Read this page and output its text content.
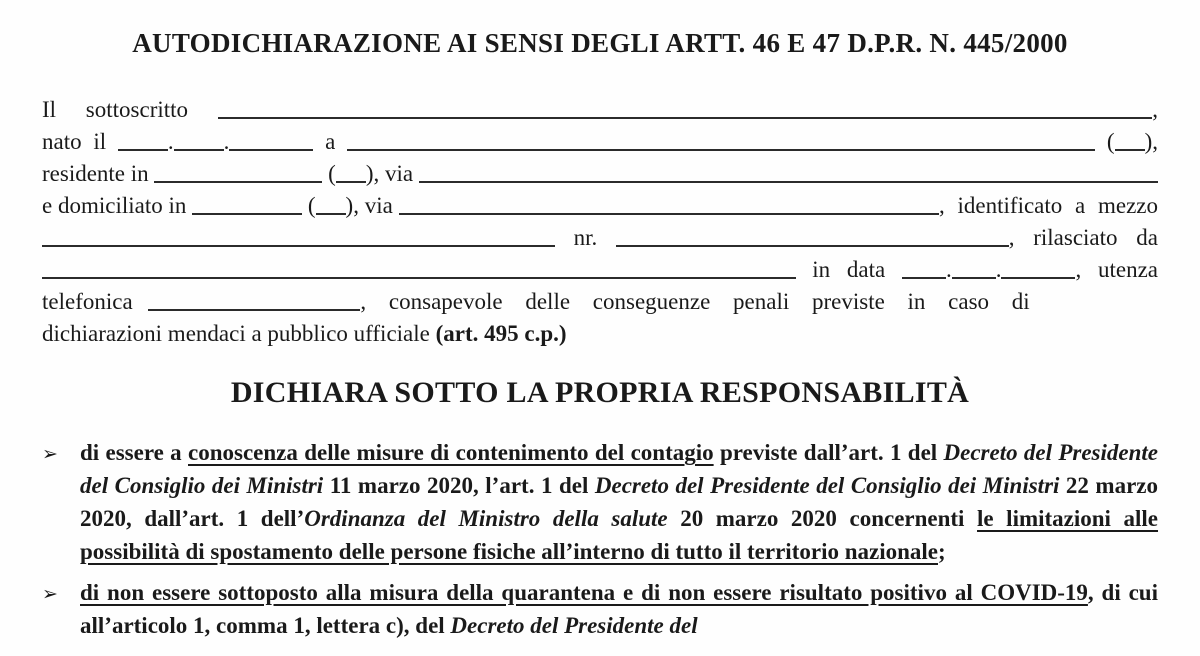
AUTODICHIARAZIONE AI SENSI DEGLI ARTT. 46 E 47 D.P.R. N. 445/2000
Il sottoscritto	,
nato il . .	a	( ),
residente in	( ), via
e domiciliato in	( ), via	, identificato a mezzo
nr.	, rilasciato da
in data . .	, utenza
telefonica	, consapevole delle conseguenze penali previste in caso di
dichiarazioni mendaci a pubblico ufficiale (art. 495 c.p.)
DICHIARA SOTTO LA PROPRIA RESPONSABILITÀ
➢ di essere a conoscenza delle misure di contenimento del contagio previste dall’art. 1 del Decreto del Presidente del Consiglio dei Ministri 11 marzo 2020, l’art. 1 del Decreto del Presidente del Consiglio dei Ministri 22 marzo 2020, dall’art. 1 dell’Ordinanza del Ministro della salute 20 marzo 2020 concernenti le limitazioni alle possibilità di spostamento delle persone fisiche all’interno di tutto il territorio nazionale;

➢ di non essere sottoposto alla misura della quarantena e di non essere risultato positivo al COVID-19, di cui all’articolo 1, comma 1, lettera c), del Decreto del Presidente del
